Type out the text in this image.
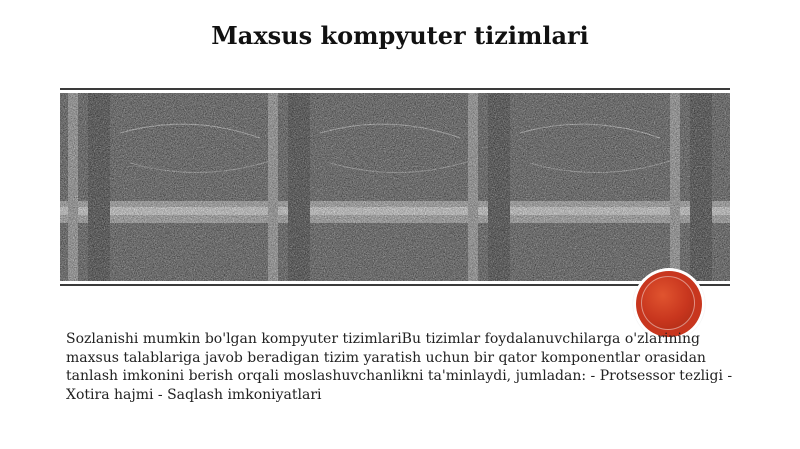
Maxsus kompyuter tizimlari
Sozlanishi mumkin bo'lgan kompyuter tizimlariBu tizimlar foydalanuvchilarga o'zlarining maxsus talablariga javob beradigan tizim yaratish uchun bir qator komponentlar orasidan tanlash imkonini berish orqali moslashuvchanlikni ta'minlaydi, jumladan: - Protsessor tezligi - Xotira hajmi - Saqlash imkoniyatlari
